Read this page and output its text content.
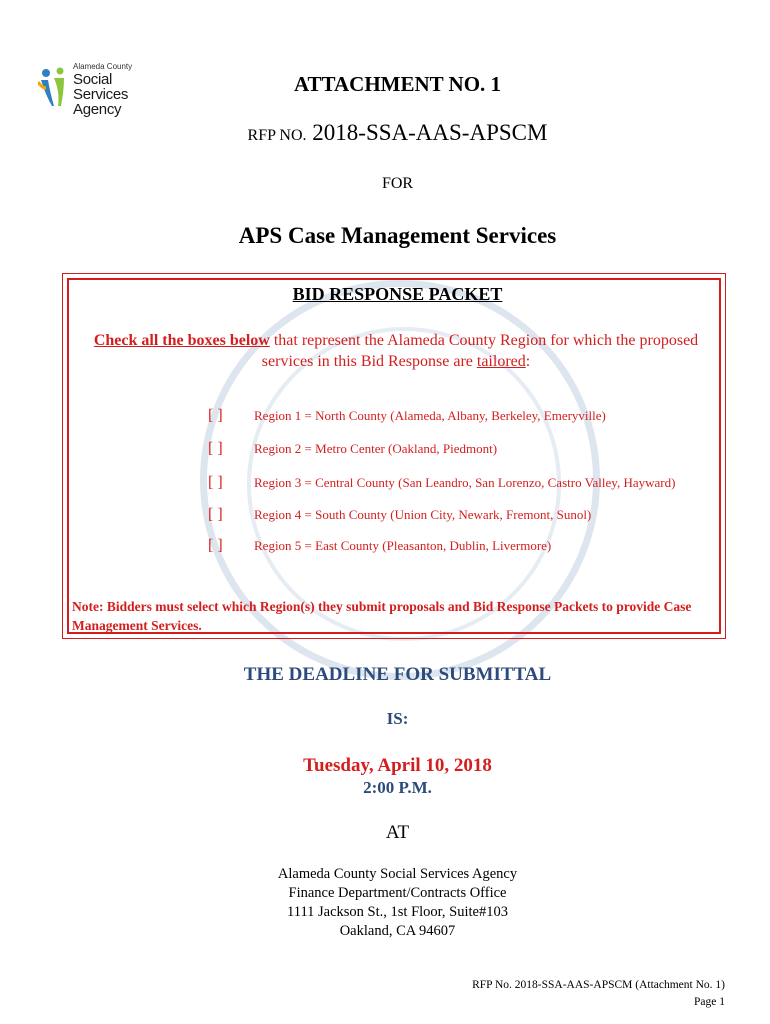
Alameda County
Social Services
Agency
ATTACHMENT NO. 1
RFP NO. 2018-SSA-AAS-APSCM
FOR
APS Case Management Services
BID RESPONSE PACKET
Check all the boxes below that represent the Alameda County Region for which the proposed services in this Bid Response are tailored:
[ ] Region 1 = North County (Alameda, Albany, Berkeley, Emeryville)
[ ] Region 2 = Metro Center (Oakland, Piedmont)
[ ] Region 3 = Central County (San Leandro, San Lorenzo, Castro Valley, Hayward)
[ ] Region 4 = South County (Union City, Newark, Fremont, Sunol)
[ ] Region 5 = East County (Pleasanton, Dublin, Livermore)
Note: Bidders must select which Region(s) they submit proposals and Bid Response Packets to provide Case Management Services.
THE DEADLINE FOR SUBMITTAL
IS:
Tuesday, April 10, 2018
2:00 P.M.
AT
Alameda County Social Services Agency
Finance Department/Contracts Office
1111 Jackson St., 1st Floor, Suite#103
Oakland, CA 94607
RFP No. 2018-SSA-AAS-APSCM (Attachment No. 1)
Page 1
